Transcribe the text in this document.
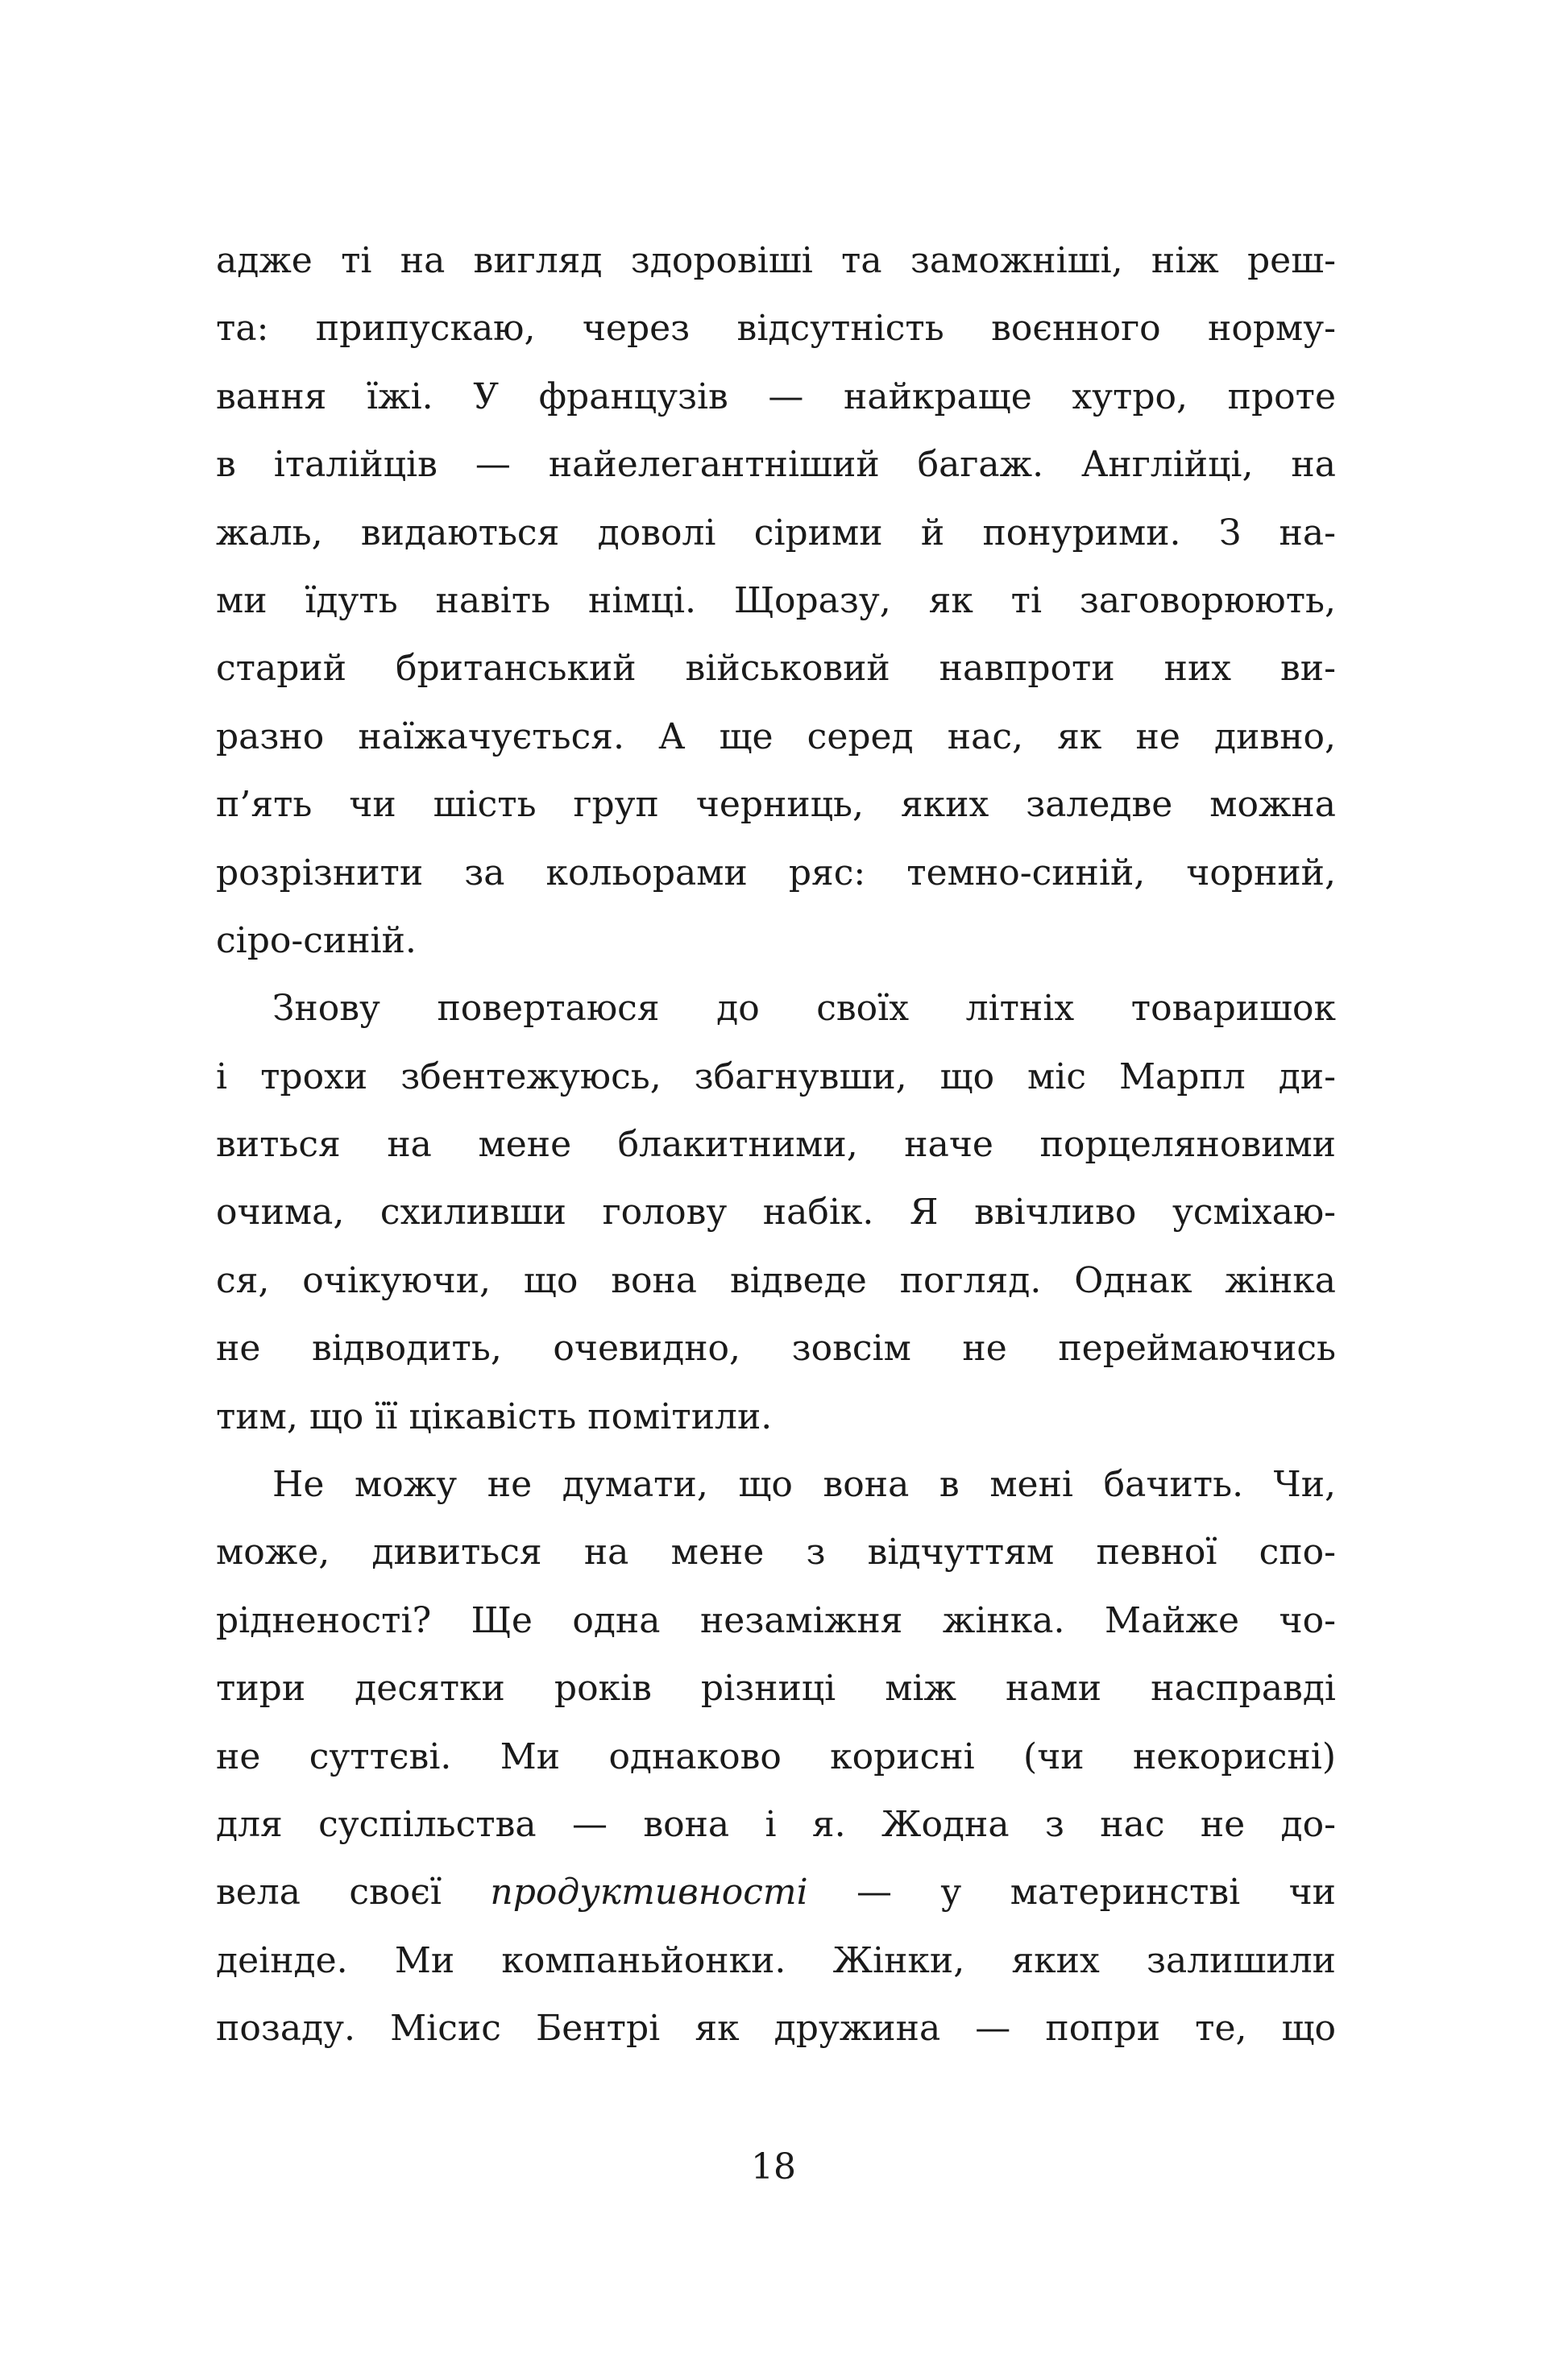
адже ті на вигляд здоровіші та заможніші, ніж реш-
та: припускаю, через відсутність воєнного норму-
вання їжі. У французів — найкраще хутро, проте
в італійців — найелегантніший багаж. Англійці, на
жаль, видаються доволі сірими й понурими. З на-
ми їдуть навіть німці. Щоразу, як ті заговорюють,
старий британський військовий навпроти них ви-
разно наїжачується. А ще серед нас, як не дивно,
п’ять чи шість груп черниць, яких заледве можна
розрізнити за кольорами ряс: темно-синій, чорний,
сіро-синій.
Знову повертаюся до своїх літніх товаришок
і трохи збентежуюсь, збагнувши, що міс Марпл ди-
виться на мене блакитними, наче порцеляновими
очима, схиливши голову набік. Я ввічливо усміхаю-
ся, очікуючи, що вона відведе погляд. Однак жінка
не відводить, очевидно, зовсім не переймаючись
тим, що її цікавість помітили.
Не можу не думати, що вона в мені бачить. Чи,
може, дивиться на мене з відчуттям певної спо-
рідненості? Ще одна незаміжня жінка. Майже чо-
тири десятки років різниці між нами насправді
не суттєві. Ми однаково корисні (чи некорисні)
для суспільства — вона і я. Жодна з нас не до-
вела своєї продуктивності — у материнстві чи
деінде. Ми компаньйонки. Жінки, яких залишили
позаду. Місис Бентрі як дружина — попри те, що
18
